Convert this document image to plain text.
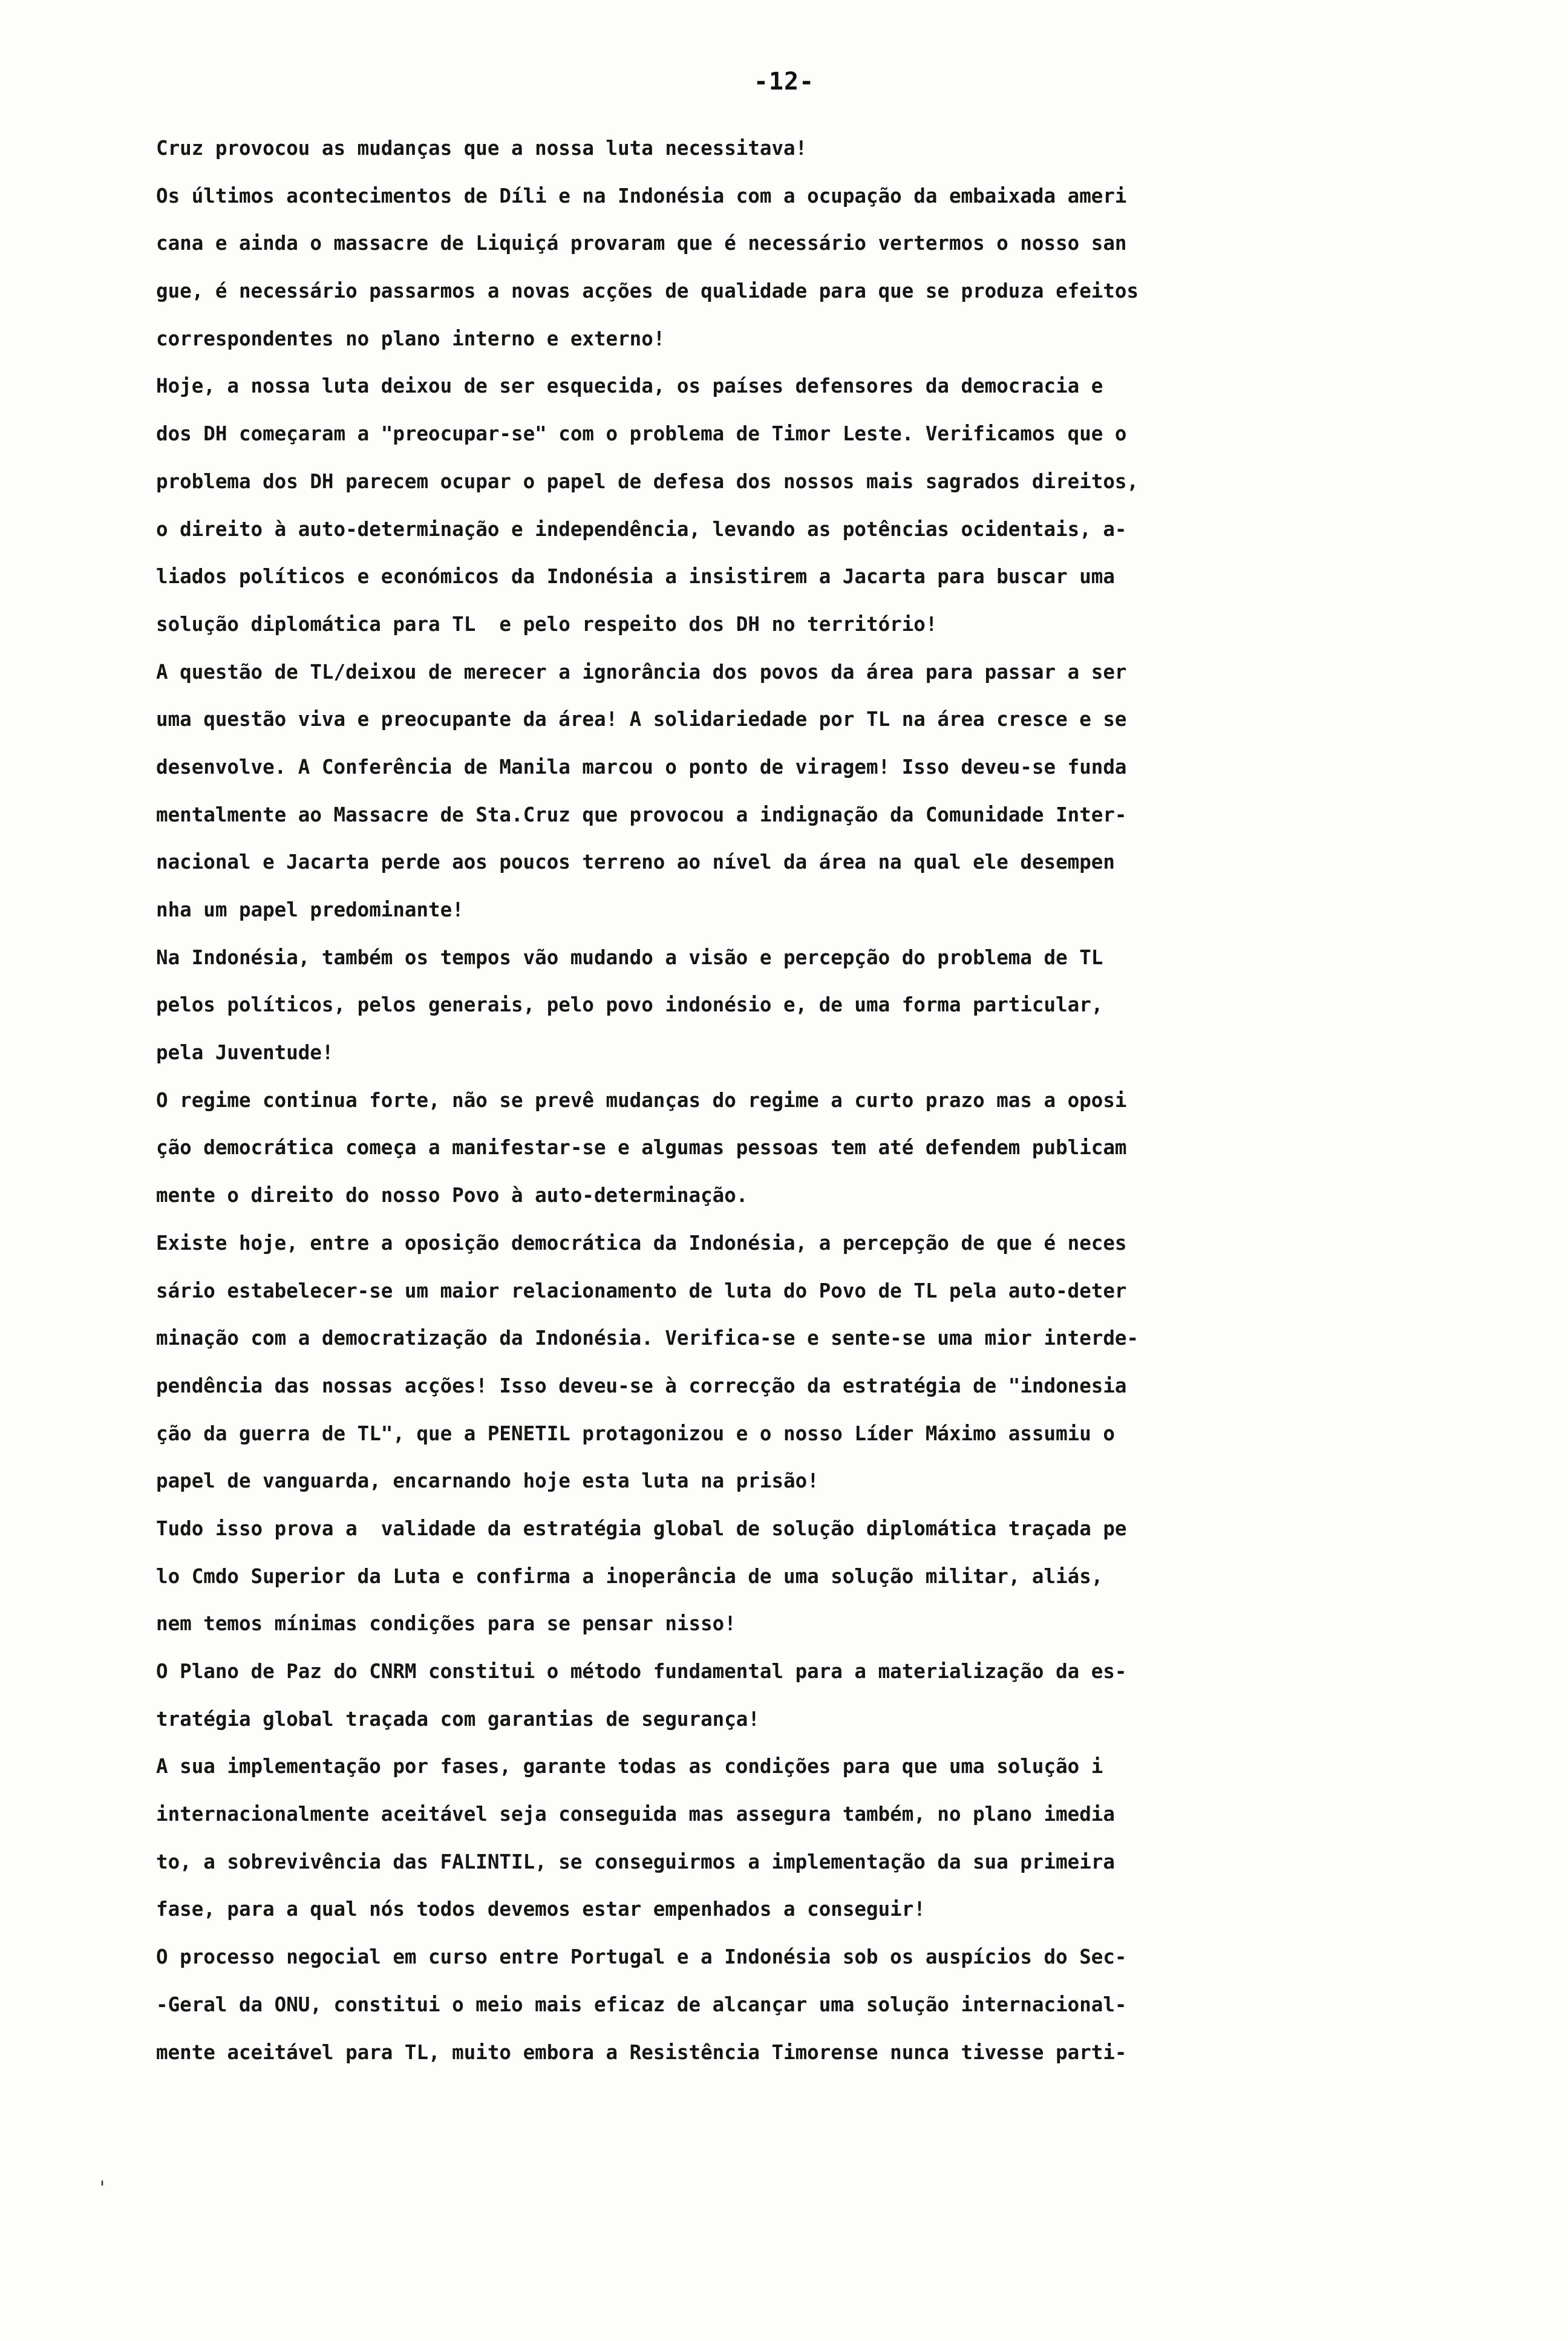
-12-
Cruz provocou as mudanças que a nossa luta necessitava!
Os últimos acontecimentos de Díli e na Indonésia com a ocupação da embaixada ameri
cana e ainda o massacre de Liquiçá provaram que é necessário vertermos o nosso san
gue, é necessário passarmos a novas acções de qualidade para que se produza efeitos
correspondentes no plano interno e externo!
Hoje, a nossa luta deixou de ser esquecida, os países defensores da democracia e
dos DH começaram a "preocupar-se" com o problema de Timor Leste. Verificamos que o
problema dos DH parecem ocupar o papel de defesa dos nossos mais sagrados direitos,
o direito à auto-determinação e independência, levando as potências ocidentais, a-
liados políticos e económicos da Indonésia a insistirem a Jacarta para buscar uma
solução diplomática para TL  e pelo respeito dos DH no território!
A questão de TL/deixou de merecer a ignorância dos povos da área para passar a ser
uma questão viva e preocupante da área! A solidariedade por TL na área cresce e se
desenvolve. A Conferência de Manila marcou o ponto de viragem! Isso deveu-se funda
mentalmente ao Massacre de Sta.Cruz que provocou a indignação da Comunidade Inter-
nacional e Jacarta perde aos poucos terreno ao nível da área na qual ele desempen
nha um papel predominante!
Na Indonésia, também os tempos vão mudando a visão e percepção do problema de TL
pelos políticos, pelos generais, pelo povo indonésio e, de uma forma particular,
pela Juventude!
O regime continua forte, não se prevê mudanças do regime a curto prazo mas a oposi
ção democrática começa a manifestar-se e algumas pessoas tem até defendem publicam
mente o direito do nosso Povo à auto-determinação.
Existe hoje, entre a oposição democrática da Indonésia, a percepção de que é neces
sário estabelecer-se um maior relacionamento de luta do Povo de TL pela auto-deter
minação com a democratização da Indonésia. Verifica-se e sente-se uma mior interde-
pendência das nossas acções! Isso deveu-se à correcção da estratégia de "indonesia
ção da guerra de TL", que a PENETIL protagonizou e o nosso Líder Máximo assumiu o
papel de vanguarda, encarnando hoje esta luta na prisão!
Tudo isso prova a  validade da estratégia global de solução diplomática traçada pe
lo Cmdo Superior da Luta e confirma a inoperância de uma solução militar, aliás,
nem temos mínimas condições para se pensar nisso!
O Plano de Paz do CNRM constitui o método fundamental para a materialização da es-
tratégia global traçada com garantias de segurança!
A sua implementação por fases, garante todas as condições para que uma solução i
internacionalmente aceitável seja conseguida mas assegura também, no plano imedia
to, a sobrevivência das FALINTIL, se conseguirmos a implementação da sua primeira
fase, para a qual nós todos devemos estar empenhados a conseguir!
O processo negocial em curso entre Portugal e a Indonésia sob os auspícios do Sec-
-Geral da ONU, constitui o meio mais eficaz de alcançar uma solução internacional-
mente aceitável para TL, muito embora a Resistência Timorense nunca tivesse parti-
'
